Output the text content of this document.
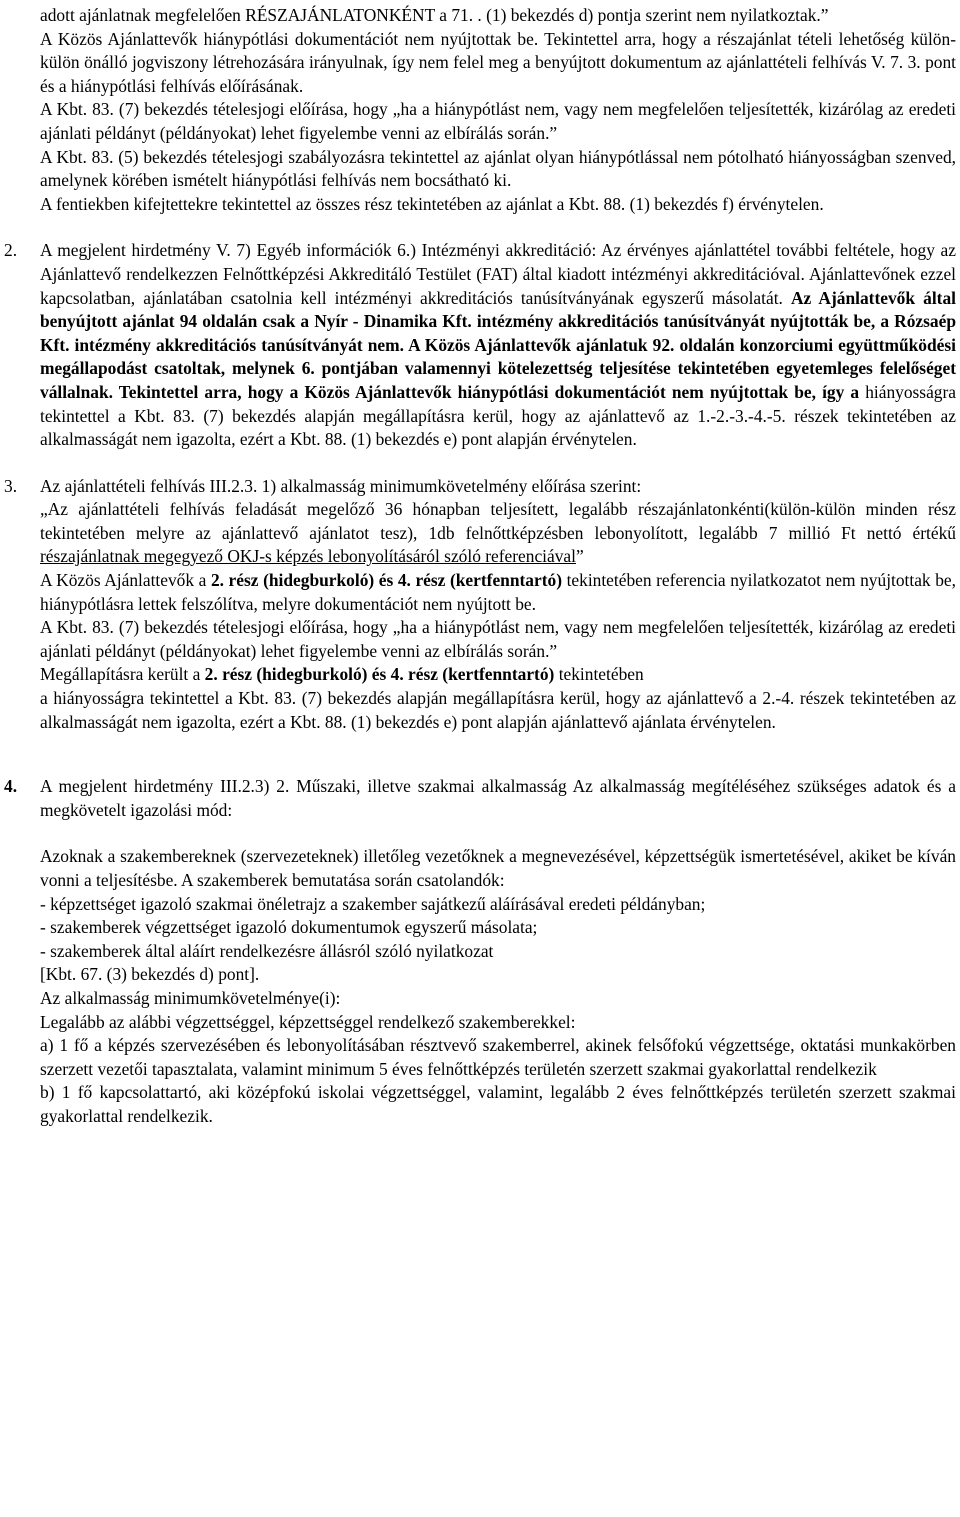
adott ajánlatnak megfelelően RÉSZAJÁNLATONKÉNT a 71. . (1) bekezdés d) pontja szerint nem nyilatkoztak.”

A Közös Ajánlattevők hiánypótlási dokumentációt nem nyújtottak be. Tekintettel arra, hogy a részajánlat tételi lehetőség külön-külön önálló jogviszony létrehozására irányulnak, így nem felel meg a benyújtott dokumentum az ajánlattételi felhívás V. 7. 3. pont és a hiánypótlási felhívás előírásának.

A Kbt. 83. (7) bekezdés tételesjogi előírása, hogy „ha a hiánypótlást nem, vagy nem megfelelően teljesítették, kizárólag az eredeti ajánlati példányt (példányokat) lehet figyelembe venni az elbírálás során.”

A Kbt. 83. (5) bekezdés tételesjogi szabályozásra tekintettel az ajánlat olyan hiánypótlással nem pótolható hiányosságban szenved, amelynek körében ismételt hiánypótlási felhívás nem bocsátható ki.

A fentiekben kifejtettekre tekintettel az összes rész tekintetében az ajánlat a Kbt. 88. (1) bekezdés f) érvénytelen.

2. A megjelent hirdetmény V. 7) Egyéb információk 6.) Intézményi akkreditáció: Az érvényes ajánlattétel további feltétele, hogy az Ajánlattevő rendelkezzen Felnőttképzési Akkreditáló Testület (FAT) által kiadott intézményi akkreditációval. Ajánlattevőnek ezzel kapcsolatban, ajánlatában csatolnia kell intézményi akkreditációs tanúsítványának egyszerű másolatát. Az Ajánlattevők által benyújtott ajánlat 94 oldalán csak a Nyír - Dinamika Kft. intézmény akkreditációs tanúsítványát nyújtották be, a Rózsaép Kft. intézmény akkreditációs tanúsítványát nem. A Közös Ajánlattevők ajánlatuk 92. oldalán konzorciumi együttműködési megállapodást csatoltak, melynek 6. pontjában valamennyi kötelezettség teljesítése tekintetében egyetemleges felelőséget vállalnak. Tekintettel arra, hogy a Közös Ajánlattevők hiánypótlási dokumentációt nem nyújtottak be, így a hiányosságra tekintettel a Kbt. 83. (7) bekezdés alapján megállapításra kerül, hogy az ajánlattevő az 1.-2.-3.-4.-5. részek tekintetében az alkalmasságát nem igazolta, ezért a Kbt. 88. (1) bekezdés e) pont alapján érvénytelen.

3. Az ajánlattételi felhívás III.2.3. 1) alkalmasság minimumkövetelmény előírása szerint:

„Az ajánlattételi felhívás feladását megelőző 36 hónapban teljesített, legalább részajánlatonkénti(külön-külön minden rész tekintetében melyre az ajánlattevő ajánlatot tesz), 1db felnőttképzésben lebonyolított, legalább 7 millió Ft nettó értékű részajánlatnak megegyező OKJ-s képzés lebonyolításáról szóló referenciával”

A Közös Ajánlattevők a 2. rész (hidegburkoló) és 4. rész (kertfenntartó) tekintetében referencia nyilatkozatot nem nyújtottak be, hiánypótlásra lettek felszólítva, melyre dokumentációt nem nyújtott be.

A Kbt. 83. (7) bekezdés tételesjogi előírása, hogy „ha a hiánypótlást nem, vagy nem megfelelően teljesítették, kizárólag az eredeti ajánlati példányt (példányokat) lehet figyelembe venni az elbírálás során.”

Megállapításra került a 2. rész (hidegburkoló) és 4. rész (kertfenntartó) tekintetében

a hiányosságra tekintettel a Kbt. 83. (7) bekezdés alapján megállapításra kerül, hogy az ajánlattevő a 2.-4. részek tekintetében az alkalmasságát nem igazolta, ezért a Kbt. 88. (1) bekezdés e) pont alapján ajánlattevő ajánlata érvénytelen.

4. A megjelent hirdetmény III.2.3) 2. Műszaki, illetve szakmai alkalmasság Az alkalmasság megítéléséhez szükséges adatok és a megkövetelt igazolási mód:

Azoknak a szakembereknek (szervezeteknek) illetőleg vezetőknek a megnevezésével, képzettségük ismertetésével, akiket be kíván vonni a teljesítésbe. A szakemberek bemutatása során csatolandók:

- képzettséget igazoló szakmai önéletrajz a szakember sajátkezű aláírásával eredeti példányban;

- szakemberek végzettséget igazoló dokumentumok egyszerű másolata;

- szakemberek által aláírt rendelkezésre állásról szóló nyilatkozat

[Kbt. 67. (3) bekezdés d) pont].

Az alkalmasság minimumkövetelménye(i):

Legalább az alábbi végzettséggel, képzettséggel rendelkező szakemberekkel:

a) 1 fő a képzés szervezésében és lebonyolításában résztvevő szakemberrel, akinek felsőfokú végzettsége, oktatási munkakörben szerzett vezetői tapasztalata, valamint minimum 5 éves felnőttképzés területén szerzett szakmai gyakorlattal rendelkezik

b) 1 fő kapcsolattartó, aki középfokú iskolai végzettséggel, valamint, legalább 2 éves felnőttképzés területén szerzett szakmai gyakorlattal rendelkezik.
